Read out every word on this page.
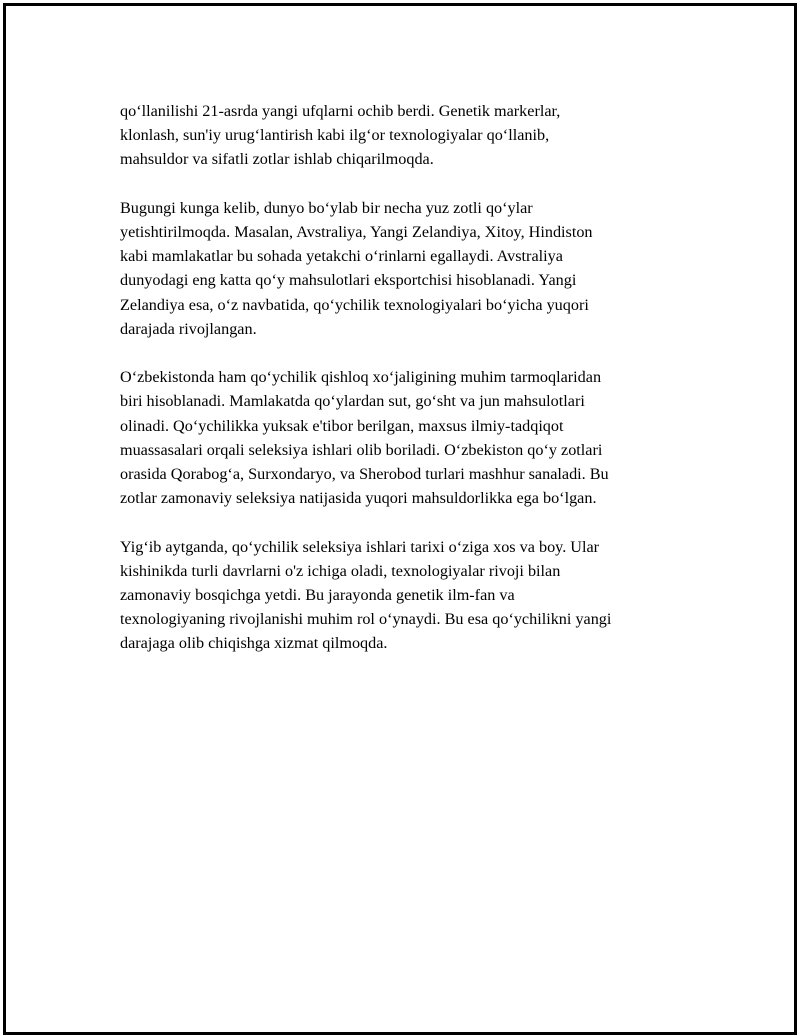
qo‘llanilishi 21-asrda yangi ufqlarni ochib berdi. Genetik markerlar,
klonlash, sun'iy urug‘lantirish kabi ilg‘or texnologiyalar qo‘llanib,
mahsuldor va sifatli zotlar ishlab chiqarilmoqda.

Bugungi kunga kelib, dunyo bo‘ylab bir necha yuz zotli qo‘ylar
yetishtirilmoqda. Masalan, Avstraliya, Yangi Zelandiya, Xitoy, Hindiston
kabi mamlakatlar bu sohada yetakchi o‘rinlarni egallaydi. Avstraliya
dunyodagi eng katta qo‘y mahsulotlari eksportchisi hisoblanadi. Yangi
Zelandiya esa, o‘z navbatida, qo‘ychilik texnologiyalari bo‘yicha yuqori
darajada rivojlangan.

O‘zbekistonda ham qo‘ychilik qishloq xo‘jaligining muhim tarmoqlaridan
biri hisoblanadi. Mamlakatda qo‘ylardan sut, go‘sht va jun mahsulotlari
olinadi. Qo‘ychilikka yuksak e'tibor berilgan, maxsus ilmiy-tadqiqot
muassasalari orqali seleksiya ishlari olib boriladi. O‘zbekiston qo‘y zotlari
orasida Qorabog‘a, Surxondaryo, va Sherobod turlari mashhur sanaladi. Bu
zotlar zamonaviy seleksiya natijasida yuqori mahsuldorlikka ega bo‘lgan.

Yig‘ib aytganda, qo‘ychilik seleksiya ishlari tarixi o‘ziga xos va boy. Ular
kishinikda turli davrlarni o'z ichiga oladi, texnologiyalar rivoji bilan
zamonaviy bosqichga yetdi. Bu jarayonda genetik ilm-fan va
texnologiyaning rivojlanishi muhim rol o‘ynaydi. Bu esa qo‘ychilikni yangi
darajaga olib chiqishga xizmat qilmoqda.
